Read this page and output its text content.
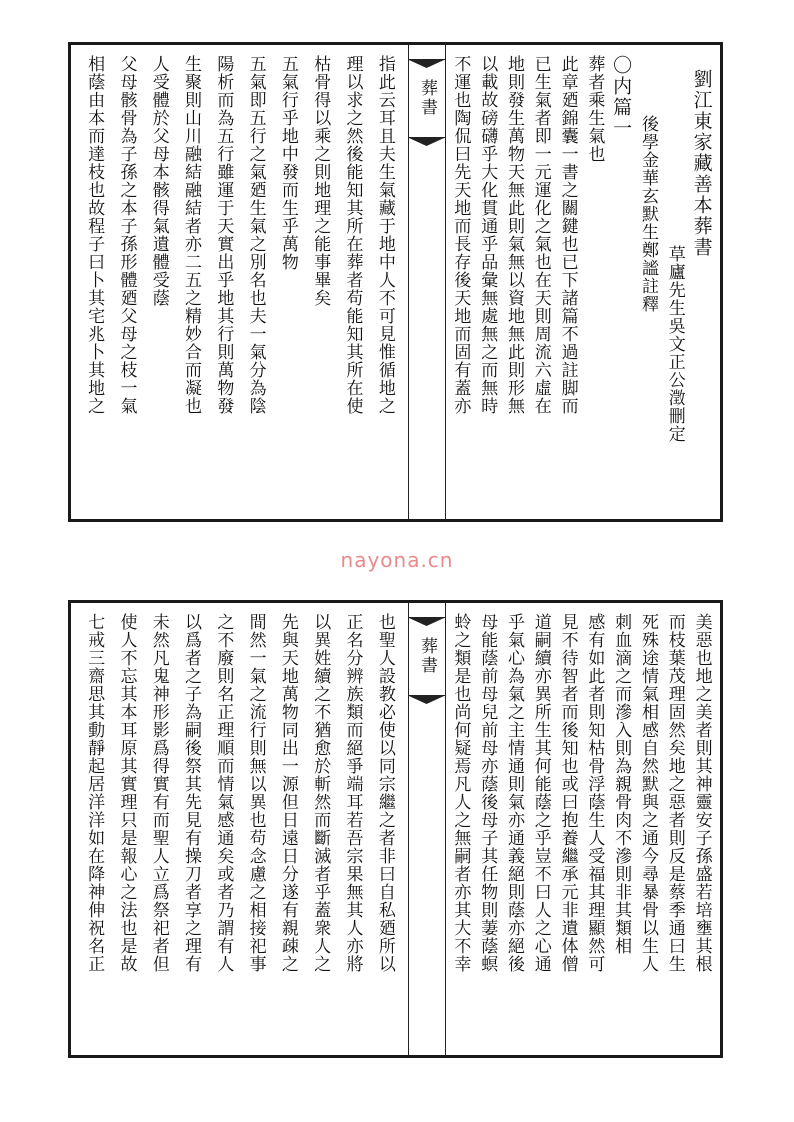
nayona.cn
劉江東家藏善本葬書
草廬先生吳文正公澂刪定
後學金華玄默生鄭謐註釋
〇内篇一
葬者乘生氣也
此章廼錦囊一書之關鍵也已下諸篇不過註脚而
已生氣者即一元運化之氣也在天則周流六虛在
地則發生萬物天無此則氣無以資地無此則形無
以載故磅礴乎大化貫通乎品彙無處無之而無時
不運也陶侃曰先天地而長存後天地而固有蓋亦
葬書
指此云耳且夫生氣藏于地中人不可見惟循地之
理以求之然後能知其所在葬者苟能知其所在使
枯骨得以乘之則地理之能事畢矣
五氣行乎地中發而生乎萬物
五氣即五行之氣廼生氣之別名也夫一氣分為陰
陽析而為五行雖運于天實出乎地其行則萬物發
生聚則山川融結融結者亦二五之精妙合而凝也
人受體於父母本骸得氣遺體受蔭
父母骸骨為子孫之本子孫形體廼父母之枝一氣
相蔭由本而達枝也故程子曰卜其宅兆卜其地之
美惡也地之美者則其神靈安子孫盛若培壅其根
而枝葉茂理固然矣地之惡者則反是蔡季通曰生
死殊途情氣相感自然默與之通今尋暴骨以生人
刺血滴之而滲入則為親骨肉不滲則非其類相
感有如此者則知枯骨浮蔭生人受福其理顯然可
見不待智者而後知也或曰抱養繼承元非遺体僧
道嗣續亦異所生其何能蔭之乎豈不曰人之心通
乎氣心為氣之主情通則氣亦通義絕則蔭亦絕後
母能蔭前母兒前母亦蔭後母子其任物則萋蔭螟
蛉之類是也尚何疑焉凡人之無嗣者亦其大不幸
葬書
也聖人設教必使以同宗繼之者非曰自私廼所以
正名分辨族類而絕爭端耳若吾宗果無其人亦將
以異姓續之不猶愈於斬然而斷滅者乎蓋衆人之
先與天地萬物同出一源但日遠日分遂有親疎之
間然一氣之流行則無以異也苟念慮之相接祀事
之不廢則名正理順而情氣感通矣或者乃謂有人
以爲者之子為嗣後祭其先見有操刀者享之理有
未然凡鬼神形影爲得實有而聖人立爲祭祀者但
使人不忘其本耳原其實理只是報心之法也是故
七戒三齋思其動靜起居洋洋如在降神伸祝名正
